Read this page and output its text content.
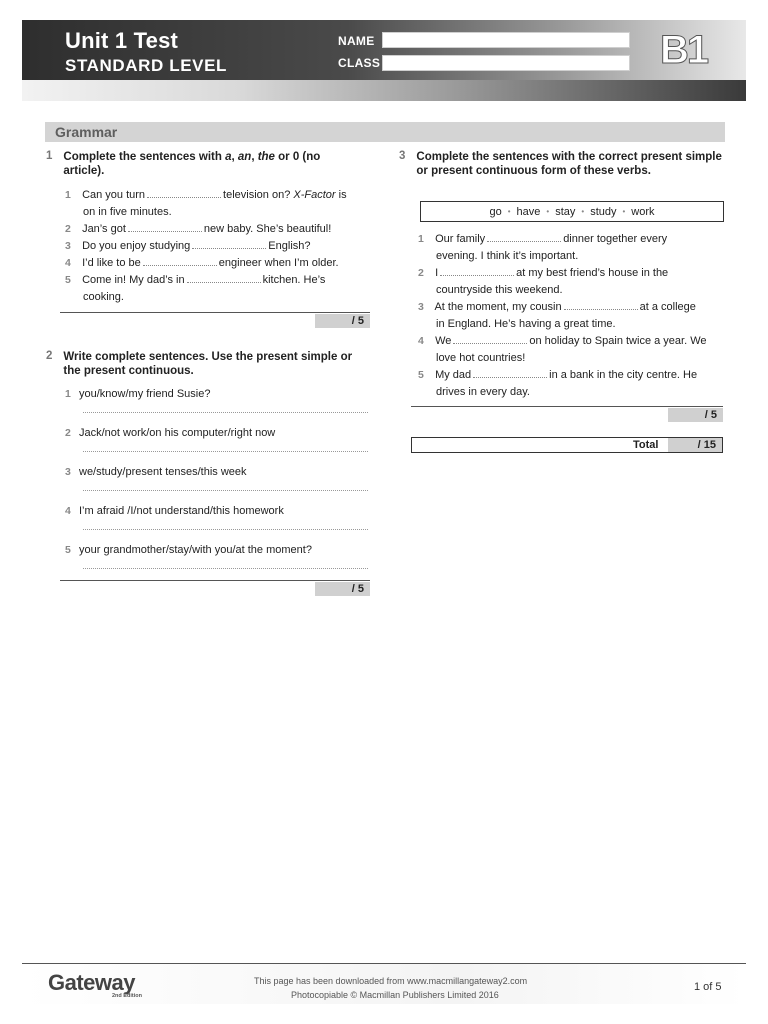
Unit 1 Test
STANDARD LEVEL
NAME
CLASS	B1
Grammar
1 Complete the sentences with a, an, the or 0 (no article).
1 Can you turn	television on? X-Factor is
on in five minutes.
2 Jan’s got	new baby. She’s beautiful!
3 Do you enjoy studying	English?
4 I’d like to be	engineer when I’m older.
5 Come in! My dad’s in	kitchen. He’s
cooking.
/ 5
2 Write complete sentences. Use the present simple or the present continuous.
1 you/know/my friend Susie?
2 Jack/not work/on his computer/right now
3 we/study/present tenses/this week
4 I’m afraid /I/not understand/this homework
5 your grandmother/stay/with you/at the moment?
/ 5
3 Complete the sentences with the correct present simple or present continuous form of these verbs.
go • have • stay • study • work
1 Our family	dinner together every
evening. I think it’s important.
2 I	at my best friend’s house in the
countryside this weekend.
3 At the moment, my cousin	at a college
in England. He’s having a great time.
4 We	on holiday to Spain twice a year. We
love hot countries!
5 My dad	in a bank in the city centre. He
drives in every day.
/ 5
Total	/ 15
Gateway
2nd Edition
This page has been downloaded from www.macmillangateway2.com
Photocopiable © Macmillan Publishers Limited 2016
1 of 5
